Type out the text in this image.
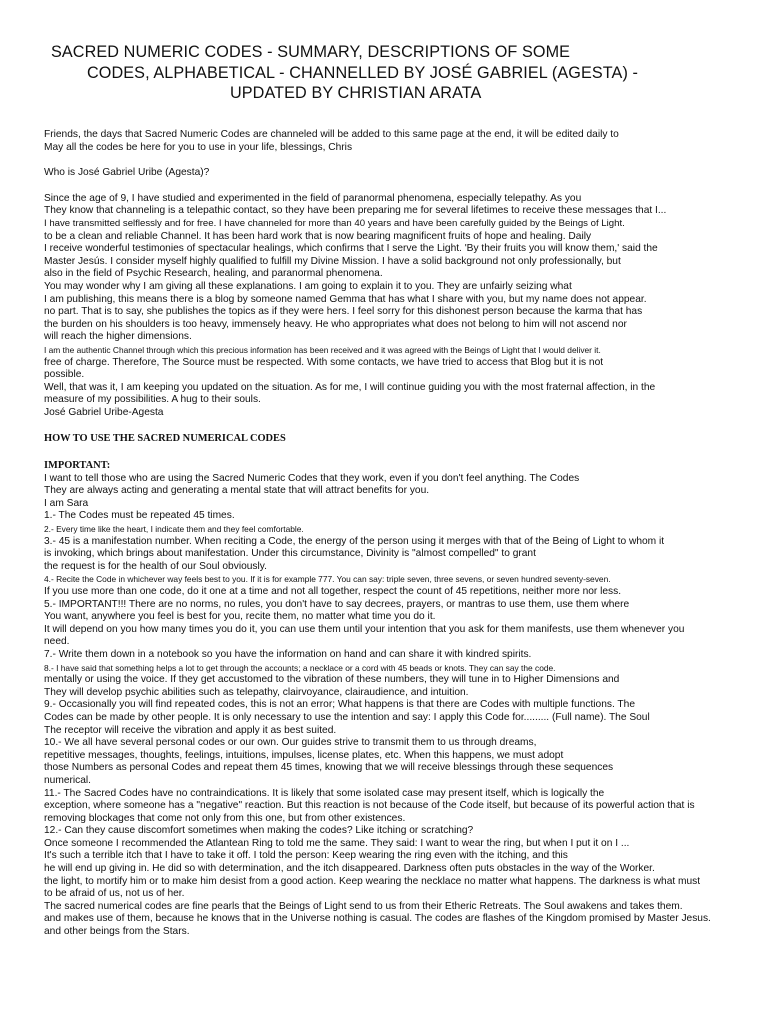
SACRED NUMERIC CODES - SUMMARY, DESCRIPTIONS OF SOME
CODES, ALPHABETICAL - CHANNELLED BY JOSÉ GABRIEL (AGESTA) -
UPDATED BY CHRISTIAN ARATA
Friends, the days that Sacred Numeric Codes are channeled will be added to this same page at the end, it will be edited daily to
May all the codes be here for you to use in your life, blessings, Chris
Who is José Gabriel Uribe (Agesta)?
Since the age of 9, I have studied and experimented in the field of paranormal phenomena, especially telepathy. As you
They know that channeling is a telepathic contact, so they have been preparing me for several lifetimes to receive these messages that I...
I have transmitted selflessly and for free. I have channeled for more than 40 years and have been carefully guided by the Beings of Light.
to be a clean and reliable Channel. It has been hard work that is now bearing magnificent fruits of hope and healing. Daily
I receive wonderful testimonies of spectacular healings, which confirms that I serve the Light. 'By their fruits you will know them,' said the
Master Jesús. I consider myself highly qualified to fulfill my Divine Mission. I have a solid background not only professionally, but
also in the field of Psychic Research, healing, and paranormal phenomena.
You may wonder why I am giving all these explanations. I am going to explain it to you. They are unfairly seizing what
I am publishing, this means there is a blog by someone named Gemma that has what I share with you, but my name does not appear.
no part. That is to say, she publishes the topics as if they were hers. I feel sorry for this dishonest person because the karma that has
the burden on his shoulders is too heavy, immensely heavy. He who appropriates what does not belong to him will not ascend nor
will reach the higher dimensions.
I am the authentic Channel through which this precious information has been received and it was agreed with the Beings of Light that I would deliver it.
free of charge. Therefore, The Source must be respected. With some contacts, we have tried to access that Blog but it is not
possible.
Well, that was it, I am keeping you updated on the situation. As for me, I will continue guiding you with the most fraternal affection, in the
measure of my possibilities. A hug to their souls.
José Gabriel Uribe-Agesta
HOW TO USE THE SACRED NUMERICAL CODES
IMPORTANT:
I want to tell those who are using the Sacred Numeric Codes that they work, even if you don't feel anything. The Codes
They are always acting and generating a mental state that will attract benefits for you.
I am Sara
1.- The Codes must be repeated 45 times.
2.- Every time like the heart, I indicate them and they feel comfortable.
3.- 45 is a manifestation number. When reciting a Code, the energy of the person using it merges with that of the Being of Light to whom it
is invoking, which brings about manifestation. Under this circumstance, Divinity is "almost compelled" to grant
the request is for the health of our Soul obviously.
4.- Recite the Code in whichever way feels best to you. If it is for example 777. You can say: triple seven, three sevens, or seven hundred seventy-seven.
If you use more than one code, do it one at a time and not all together, respect the count of 45 repetitions, neither more nor less.
5.- IMPORTANT!!! There are no norms, no rules, you don't have to say decrees, prayers, or mantras to use them, use them where
You want, anywhere you feel is best for you, recite them, no matter what time you do it.
It will depend on you how many times you do it, you can use them until your intention that you ask for them manifests, use them whenever you
need.
7.- Write them down in a notebook so you have the information on hand and can share it with kindred spirits.
8.- I have said that something helps a lot to get through the accounts; a necklace or a cord with 45 beads or knots. They can say the code.
mentally or using the voice. If they get accustomed to the vibration of these numbers, they will tune in to Higher Dimensions and
They will develop psychic abilities such as telepathy, clairvoyance, clairaudience, and intuition.
9.- Occasionally you will find repeated codes, this is not an error; What happens is that there are Codes with multiple functions. The
Codes can be made by other people. It is only necessary to use the intention and say: I apply this Code for......... (Full name). The Soul
The receptor will receive the vibration and apply it as best suited.
10.- We all have several personal codes or our own. Our guides strive to transmit them to us through dreams,
repetitive messages, thoughts, feelings, intuitions, impulses, license plates, etc. When this happens, we must adopt
those Numbers as personal Codes and repeat them 45 times, knowing that we will receive blessings through these sequences
numerical.
11.- The Sacred Codes have no contraindications. It is likely that some isolated case may present itself, which is logically the
exception, where someone has a "negative" reaction. But this reaction is not because of the Code itself, but because of its powerful action that is
removing blockages that come not only from this one, but from other existences.
12.- Can they cause discomfort sometimes when making the codes? Like itching or scratching?
Once someone I recommended the Atlantean Ring to told me the same. They said: I want to wear the ring, but when I put it on I ...
It's such a terrible itch that I have to take it off. I told the person: Keep wearing the ring even with the itching, and this
he will end up giving in. He did so with determination, and the itch disappeared. Darkness often puts obstacles in the way of the Worker.
the light, to mortify him or to make him desist from a good action. Keep wearing the necklace no matter what happens. The darkness is what must
to be afraid of us, not us of her.
The sacred numerical codes are fine pearls that the Beings of Light send to us from their Etheric Retreats. The Soul awakens and takes them.
and makes use of them, because he knows that in the Universe nothing is casual. The codes are flashes of the Kingdom promised by Master Jesus.
and other beings from the Stars.
